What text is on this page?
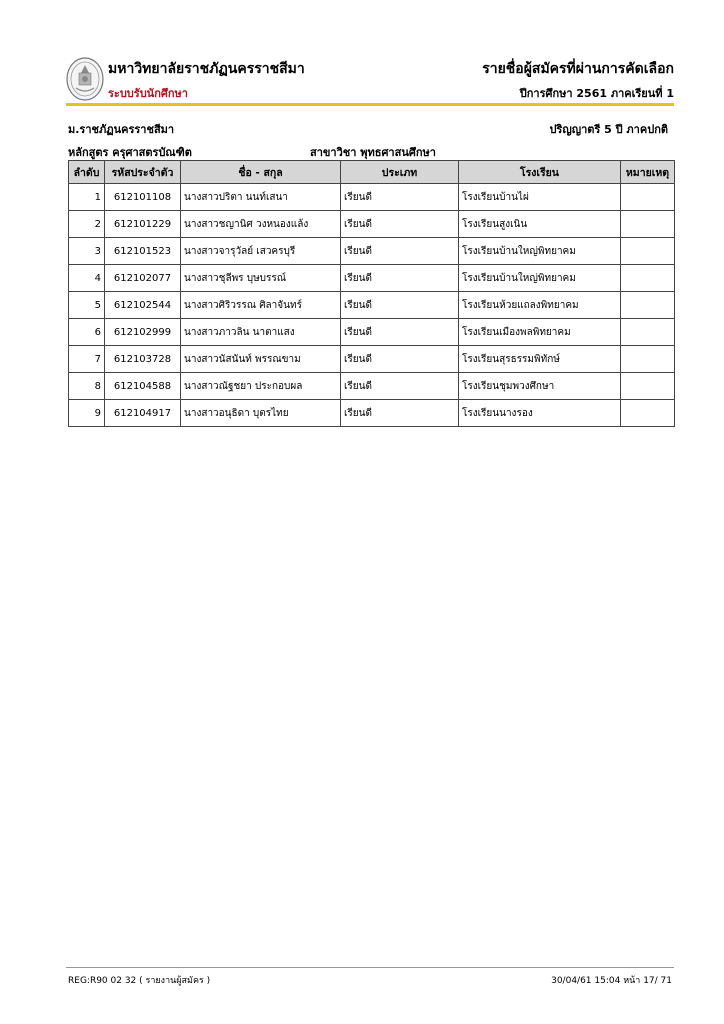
มหาวิทยาลัยราชภัฏนครราชสีมา
ระบบรับนักศึกษา
รายชื่อผู้สมัครที่ผ่านการคัดเลือก
ปีการศึกษา 2561 ภาคเรียนที่ 1
ม.ราชภัฏนครราชสีมา	ปริญญาตรี 5 ปี ภาคปกติ
หลักสูตร ครุศาสตรบัณฑิต	สาขาวิชา พุทธศาสนศึกษา
ลำดับ	รหัสประจำตัว	ชื่อ - สกุล	ประเภท	โรงเรียน	หมายเหตุ
1	612101108	นางสาวปริตา นนท์เสนา	เรียนดี	โรงเรียนบ้านไผ่	
2	612101229	นางสาวชญานิศ วงหนองแล้ง	เรียนดี	โรงเรียนสูงเนิน	
3	612101523	นางสาวจารุวัลย์ เสวครบุรี	เรียนดี	โรงเรียนบ้านใหญ่พิทยาคม	
4	612102077	นางสาวชุลีพร บุษบรรณ์	เรียนดี	โรงเรียนบ้านใหญ่พิทยาคม	
5	612102544	นางสาวศิริวรรณ ศิลาจันทร์	เรียนดี	โรงเรียนห้วยแถลงพิทยาคม	
6	612102999	นางสาวภาวลิน นาตาแสง	เรียนดี	โรงเรียนเมืองพลพิทยาคม	
7	612103728	นางสาวนัสนันท์ พรรณขาม	เรียนดี	โรงเรียนสุรธรรมพิทักษ์	
8	612104588	นางสาวณัฐชยา ประกอบผล	เรียนดี	โรงเรียนชุมพวงศึกษา	
9	612104917	นางสาวอนุธิดา บุตรไทย	เรียนดี	โรงเรียนนางรอง	
REG:R90 02 32 ( รายงานผู้สมัคร )	30/04/61 15:04 หน้า 17/ 71
